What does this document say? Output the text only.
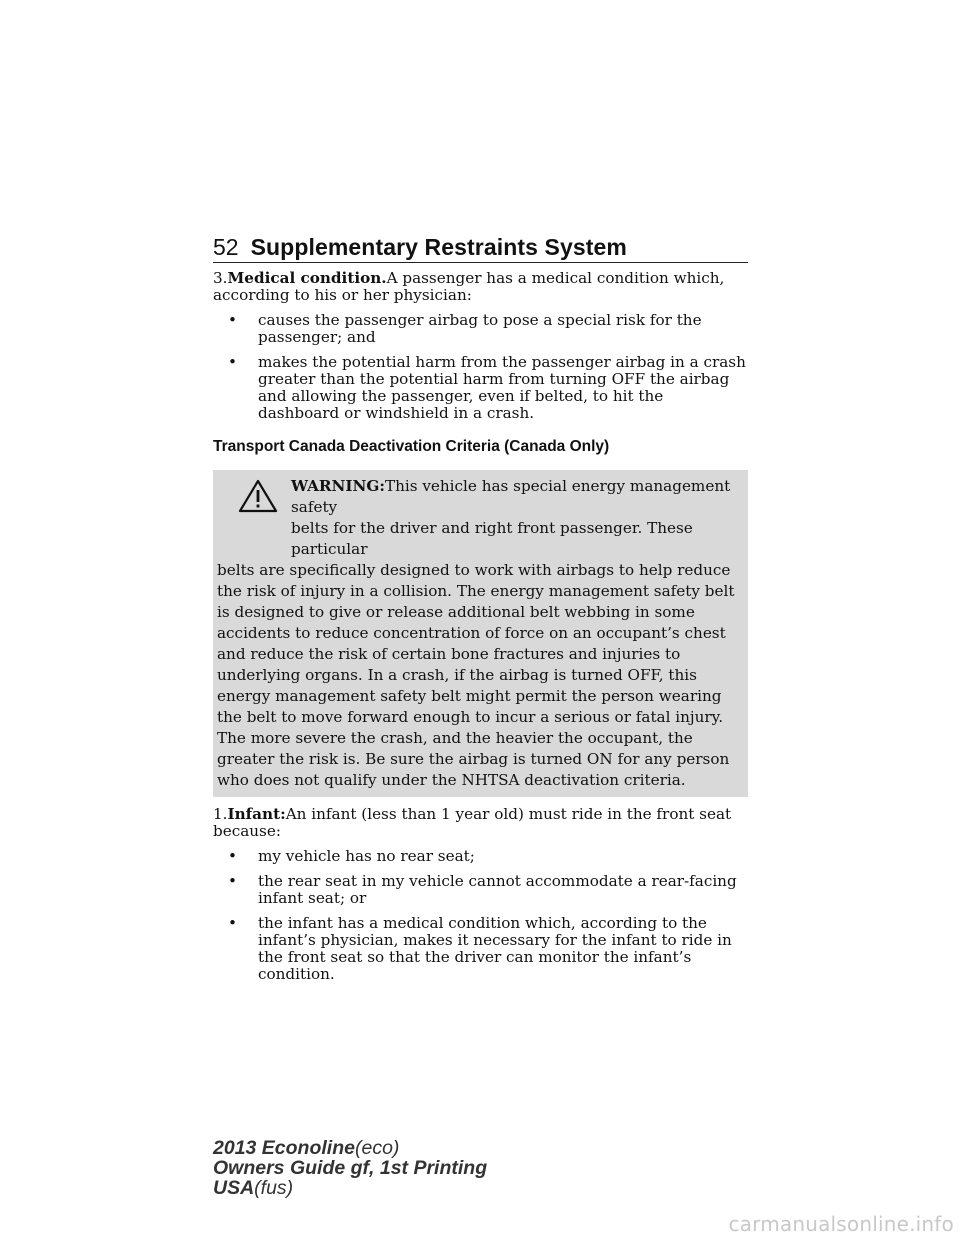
52 Supplementary Restraints System

3.Medical condition.A passenger has a medical condition which, according to his or her physician:

• causes the passenger airbag to pose a special risk for the passenger; and
• makes the potential harm from the passenger airbag in a crash greater than the potential harm from turning OFF the airbag and allowing the passenger, even if belted, to hit the dashboard or windshield in a crash.
Transport Canada Deactivation Criteria (Canada Only)
WARNING:This vehicle has special energy management safety
belts for the driver and right front passenger. These particular
belts are specifically designed to work with airbags to help reduce the risk of injury in a collision. The energy management safety belt is designed to give or release additional belt webbing in some accidents to reduce concentration of force on an occupant’s chest and reduce the risk of certain bone fractures and injuries to underlying organs. In a crash, if the airbag is turned OFF, this energy management safety belt might permit the person wearing the belt to move forward enough to incur a serious or fatal injury. The more severe the crash, and the heavier the occupant, the greater the risk is. Be sure the airbag is turned ON for any person who does not qualify under the NHTSA deactivation criteria.

1.Infant:An infant (less than 1 year old) must ride in the front seat because:

• my vehicle has no rear seat;
• the rear seat in my vehicle cannot accommodate a rear-facing infant seat; or
• the infant has a medical condition which, according to the infant’s physician, makes it necessary for the infant to ride in the front seat so that the driver can monitor the infant’s condition.
2013 Econoline(eco)
Owners Guide gf, 1st Printing
USA(fus)
carmanualsonline.info
